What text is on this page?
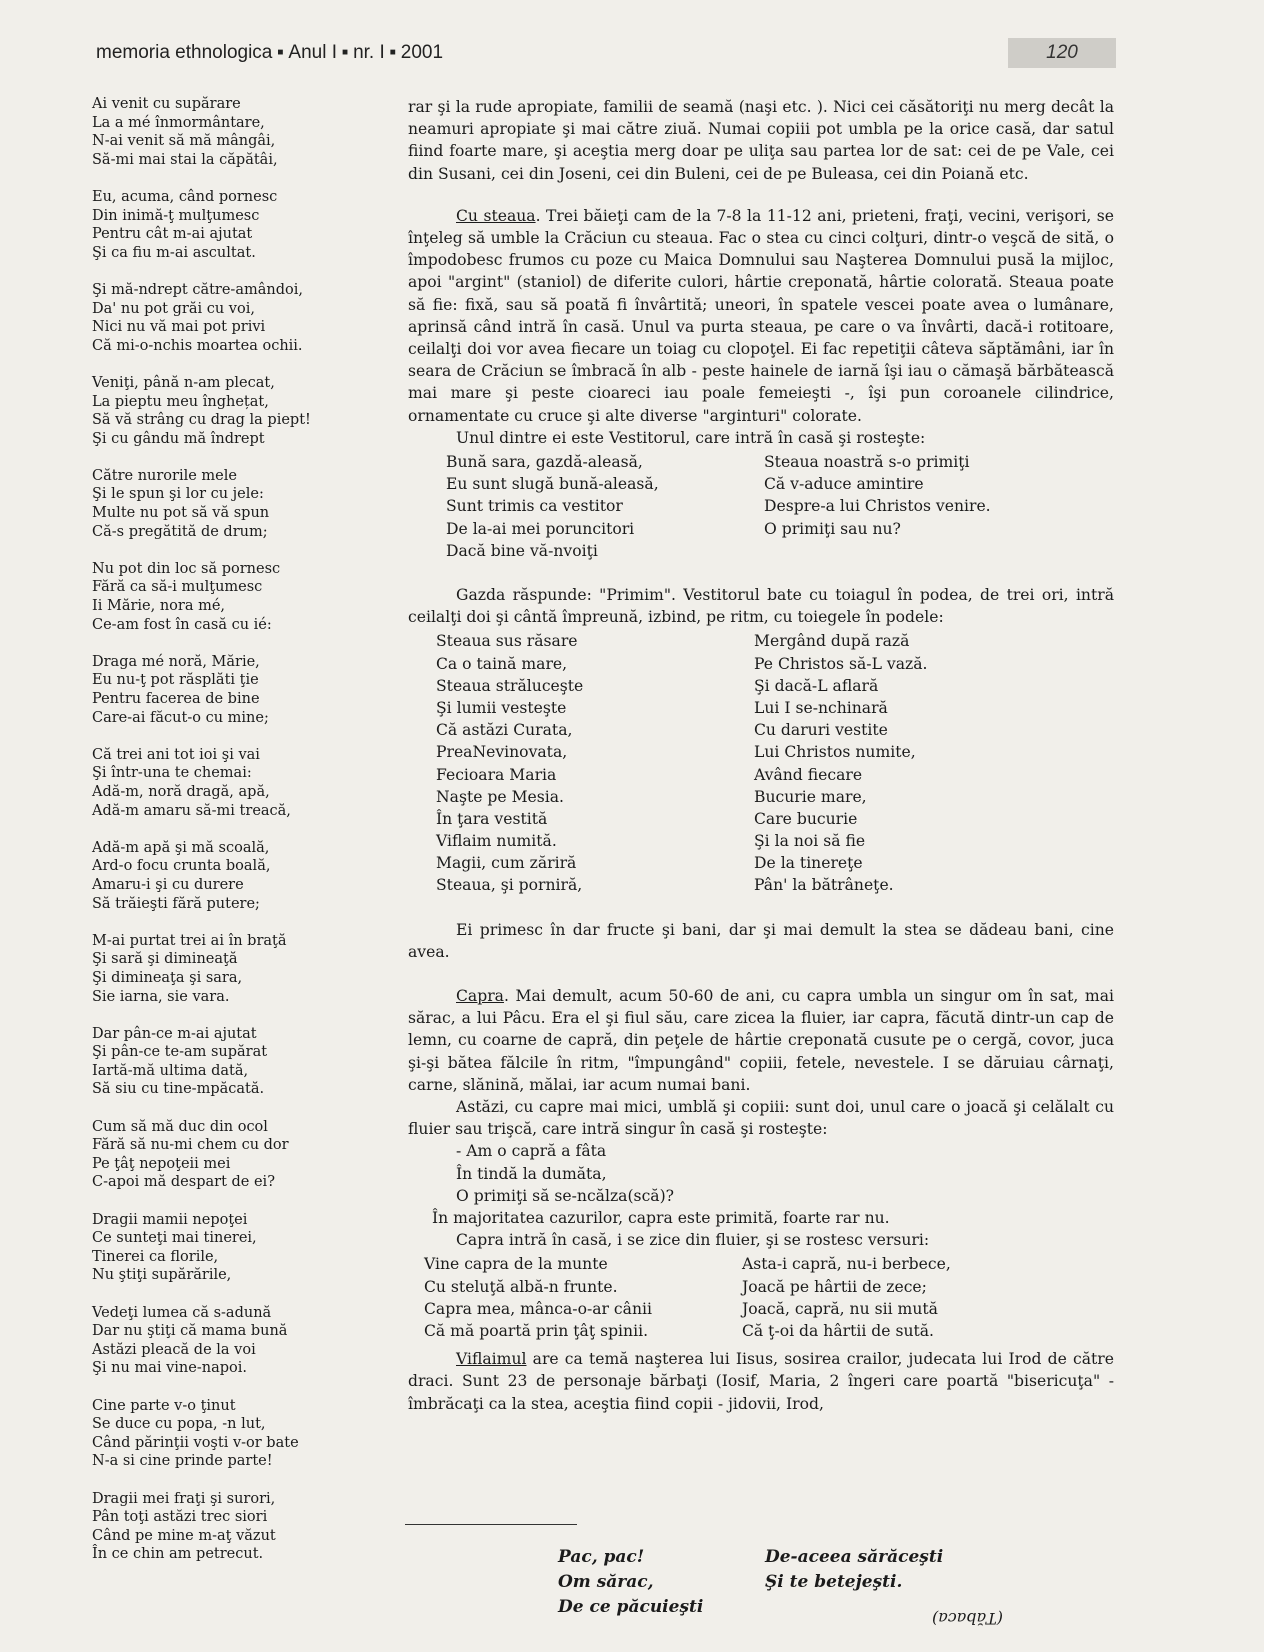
memoria ethnologica ■ Anul I ■ nr. I ■ 2001	120
Ai venit cu supărare
La a mé înmormântare,
N-ai venit să mă mângâi,
Să-mi mai stai la căpătâi,
Eu, acuma, când pornesc
Din inimă-ţ mulţumesc
Pentru cât m-ai ajutat
Şi ca fiu m-ai ascultat.
Şi mă-ndrept către-amândoi,
Da' nu pot grăi cu voi,
Nici nu vă mai pot privi
Că mi-o-nchis moartea ochii.
Veniţi, până n-am plecat,
La pieptu meu înghețat,
Să vă strâng cu drag la piept!
Şi cu gându mă îndrept
Către nurorile mele
Şi le spun şi lor cu jele:
Multe nu pot să vă spun
Că-s pregătită de drum;
Nu pot din loc să pornesc
Fără ca să-i mulţumesc
Ii Mărie, nora mé,
Ce-am fost în casă cu ié:
Draga mé noră, Mărie,
Eu nu-ţ pot răsplăti ţie
Pentru facerea de bine
Care-ai făcut-o cu mine;
Că trei ani tot ioi şi vai
Şi într-una te chemai:
Adă-m, noră dragă, apă,
Adă-m amaru să-mi treacă,
Adă-m apă şi mă scoală,
Ard-o focu crunta boală,
Amaru-i şi cu durere
Să trăieşti fără putere;
M-ai purtat trei ai în braţă
Şi sară şi dimineaţă
Şi dimineaţa şi sara,
Sie iarna, sie vara.
Dar pân-ce m-ai ajutat
Şi pân-ce te-am supărat
Iartă-mă ultima dată,
Să siu cu tine-mpăcată.
Cum să mă duc din ocol
Fără să nu-mi chem cu dor
Pe ţâţ nepoţeii mei
C-apoi mă despart de ei?
Dragii mamii nepoţei
Ce sunteţi mai tinerei,
Tinerei ca florile,
Nu ştiţi supărările,
Vedeţi lumea că s-adună
Dar nu ştiţi că mama bună
Astăzi pleacă de la voi
Şi nu mai vine-napoi.
Cine parte v-o ţinut
Se duce cu popa, -n lut,
Când părinţii voşti v-or bate
N-a si cine prinde parte!
Dragii mei fraţi şi surori,
Pân toţi astăzi trec siori
Când pe mine m-aţ văzut
În ce chin am petrecut.

rar şi la rude apropiate, familii de seamă (naşi etc. ). Nici cei căsătoriţi nu merg decât la neamuri apropiate şi mai către ziuă. Numai copiii pot umbla pe la orice casă, dar satul fiind foarte mare, şi aceştia merg doar pe uliţa sau partea lor de sat: cei de pe Vale, cei din Susani, cei din Joseni, cei din Buleni, cei de pe Buleasa, cei din Poiană etc.

Cu steaua. Trei băieţi cam de la 7-8 la 11-12 ani, prieteni, fraţi, vecini, verişori, se înţeleg să umble la Crăciun cu steaua. Fac o stea cu cinci colţuri, dintr-o veşcă de sită, o împodobesc frumos cu poze cu Maica Domnului sau Naşterea Domnului pusă la mijloc, apoi "argint" (staniol) de diferite culori, hârtie creponată, hârtie colorată. Steaua poate să fie: fixă, sau să poată fi învârtită; uneori, în spatele vescei poate avea o lumânare, aprinsă când intră în casă. Unul va purta steaua, pe care o va învârti, dacă-i rotitoare, ceilalţi doi vor avea fiecare un toiag cu clopoţel. Ei fac repetiţii câteva săptămâni, iar în seara de Crăciun se îmbracă în alb - peste hainele de iarnă îşi iau o cămaşă bărbătească mai mare şi peste cioareci iau poale femeieşti -, îşi pun coroanele cilindrice, ornamentate cu cruce şi alte diverse "arginturi" colorate.

Unul dintre ei este Vestitorul, care intră în casă şi rosteşte:

Bună sara, gazdă-aleasă,
Eu sunt slugă bună-aleasă,
Sunt trimis ca vestitor
De la-ai mei poruncitori
Dacă bine vă-nvoiţi
Steaua noastră s-o primiţi
Că v-aduce amintire
Despre-a lui Christos venire.
O primiţi sau nu?

Gazda răspunde: "Primim". Vestitorul bate cu toiagul în podea, de trei ori, intră ceilalţi doi şi cântă împreună, izbind, pe ritm, cu toiegele în podele:

Steaua sus răsare
Ca o taină mare,
Steaua străluceşte
Şi lumii vesteşte
Că astăzi Curata,
PreaNevinovata,
Fecioara Maria
Naşte pe Mesia.
În ţara vestită
Viflaim numită.
Magii, cum zăriră
Steaua, şi porniră,
Mergând după rază
Pe Christos să-L vază.
Şi dacă-L aflară
Lui I se-nchinară
Cu daruri vestite
Lui Christos numite,
Având fiecare
Bucurie mare,
Care bucurie
Şi la noi să fie
De la tinereţe
Pân' la bătrâneţe.

Ei primesc în dar fructe şi bani, dar şi mai demult la stea se dădeau bani, cine avea.

Capra. Mai demult, acum 50-60 de ani, cu capra umbla un singur om în sat, mai sărac, a lui Pâcu. Era el şi fiul său, care zicea la fluier, iar capra, făcută dintr-un cap de lemn, cu coarne de capră, din peţele de hârtie creponată cusute pe o cergă, covor, juca şi-şi bătea fălcile în ritm, "împungând" copiii, fetele, nevestele. I se dăruiau cârnaţi, carne, slănină, mălai, iar acum numai bani.

Astăzi, cu capre mai mici, umblă şi copiii: sunt doi, unul care o joacă şi celălalt cu fluier sau trişcă, care intră singur în casă şi rosteşte:

- Am o capră a fâta
În tindă la dumăta,
O primiţi să se-ncălza(scă)?

În majoritatea cazurilor, capra este primită, foarte rar nu.

Capra intră în casă, i se zice din fluier, şi se rostesc versuri:

Vine capra de la munte
Cu steluţă albă-n frunte.
Capra mea, mânca-o-ar cânii
Că mă poartă prin ţâţ spinii.
Asta-i capră, nu-i berbece,
Joacă pe hârtii de zece;
Joacă, capră, nu sii mută
Că ţ-oi da hârtii de sută.

Viflaimul are ca temă naşterea lui Iisus, sosirea crailor, judecata lui Irod de către draci. Sunt 23 de personaje bărbaţi (Iosif, Maria, 2 îngeri care poartă "bisericuţa" - îmbrăcaţi ca la stea, aceştia fiind copii - jidovii, Irod,

Pac, pac!
Om sărac,
De ce păcuieşti
De-aceea sărăceşti
Şi te betejeşti.
(Tăbaca)
